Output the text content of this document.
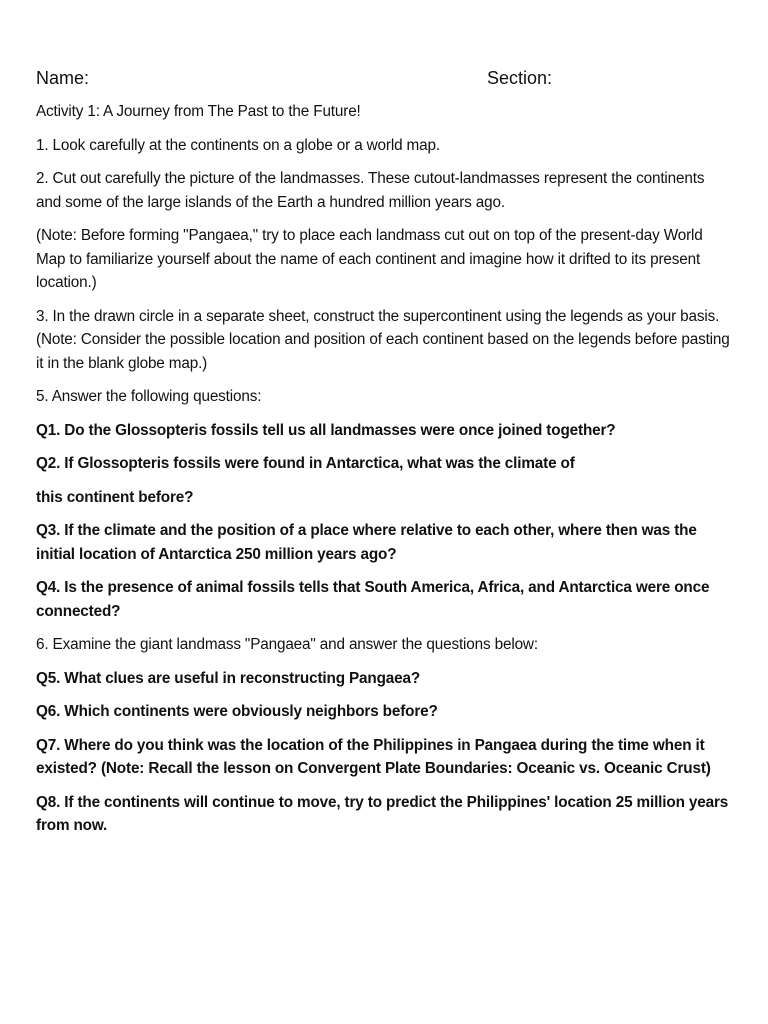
Name:	Section:

Activity 1: A Journey from The Past to the Future!

1. Look carefully at the continents on a globe or a world map.

2. Cut out carefully the picture of the landmasses. These cutout-landmasses represent the continents and some of the large islands of the Earth a hundred million years ago.

(Note: Before forming "Pangaea," try to place each landmass cut out on top of the present-day World Map to familiarize yourself about the name of each continent and imagine how it drifted to its present location.)

3. In the drawn circle in a separate sheet, construct the supercontinent using the legends as your basis. (Note: Consider the possible location and position of each continent based on the legends before pasting it in the blank globe map.)

5. Answer the following questions:

Q1. Do the Glossopteris fossils tell us all landmasses were once joined together?

Q2. If Glossopteris fossils were found in Antarctica, what was the climate of

this continent before?

Q3. If the climate and the position of a place where relative to each other, where then was the initial location of Antarctica 250 million years ago?

Q4. Is the presence of animal fossils tells that South America, Africa, and Antarctica were once connected?

6. Examine the giant landmass "Pangaea" and answer the questions below:

Q5. What clues are useful in reconstructing Pangaea?

Q6. Which continents were obviously neighbors before?

Q7. Where do you think was the location of the Philippines in Pangaea during the time when it existed? (Note: Recall the lesson on Convergent Plate Boundaries: Oceanic vs. Oceanic Crust)

Q8. If the continents will continue to move, try to predict the Philippines' location 25 million years from now.
